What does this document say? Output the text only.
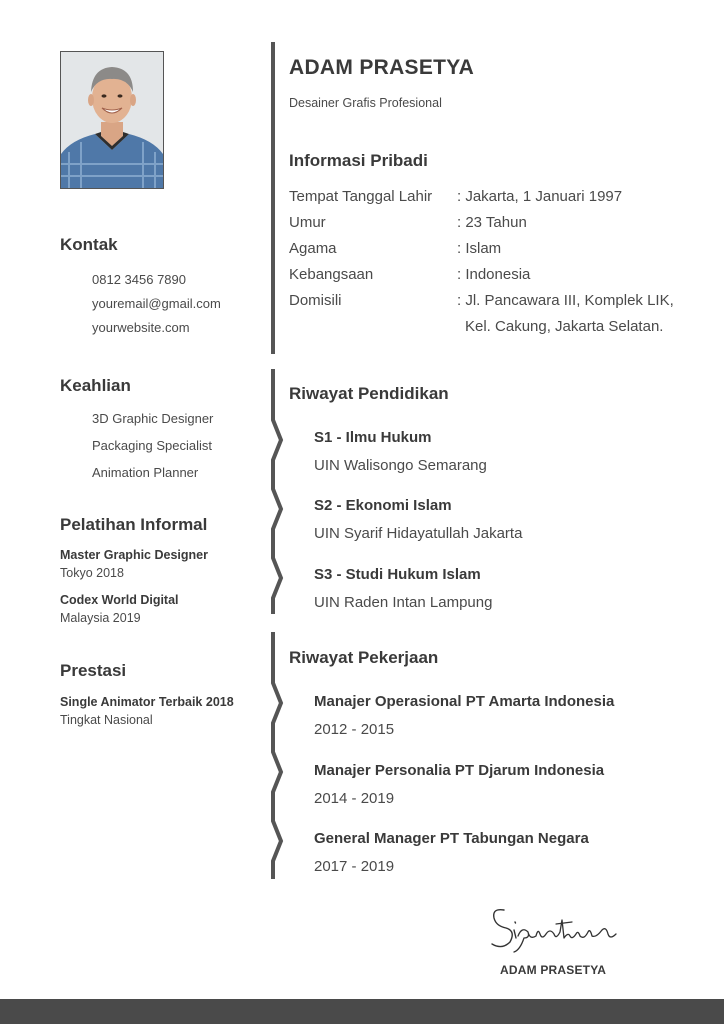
Kontak
0812 3456 7890
youremail@gmail.com
yourwebsite.com
Keahlian
3D Graphic Designer
Packaging Specialist
Animation Planner
Pelatihan Informal
Master Graphic Designer
Tokyo 2018
Codex World Digital
Malaysia 2019
Prestasi
Single Animator Terbaik 2018
Tingkat Nasional
ADAM PRASETYA

Desainer Grafis Profesional

Informasi Pribadi
Tempat Tanggal Lahir	: Jakarta, 1 Januari 1997
Umur	: 23 Tahun
Agama	: Islam
Kebangsaan	: Indonesia
Domisili	: Jl. Pancawara III, Komplek LIK,
Kel. Cakung, Jakarta Selatan.
Riwayat Pendidikan
S1 - Ilmu Hukum
UIN Walisongo Semarang
S2 - Ekonomi Islam
UIN Syarif Hidayatullah Jakarta
S3 - Studi Hukum Islam
UIN Raden Intan Lampung
Riwayat Pekerjaan
Manajer Operasional PT Amarta Indonesia
2012 - 2015
Manajer Personalia PT Djarum Indonesia
2014 - 2019
General Manager PT Tabungan Negara
2017 - 2019

ADAM PRASETYA
